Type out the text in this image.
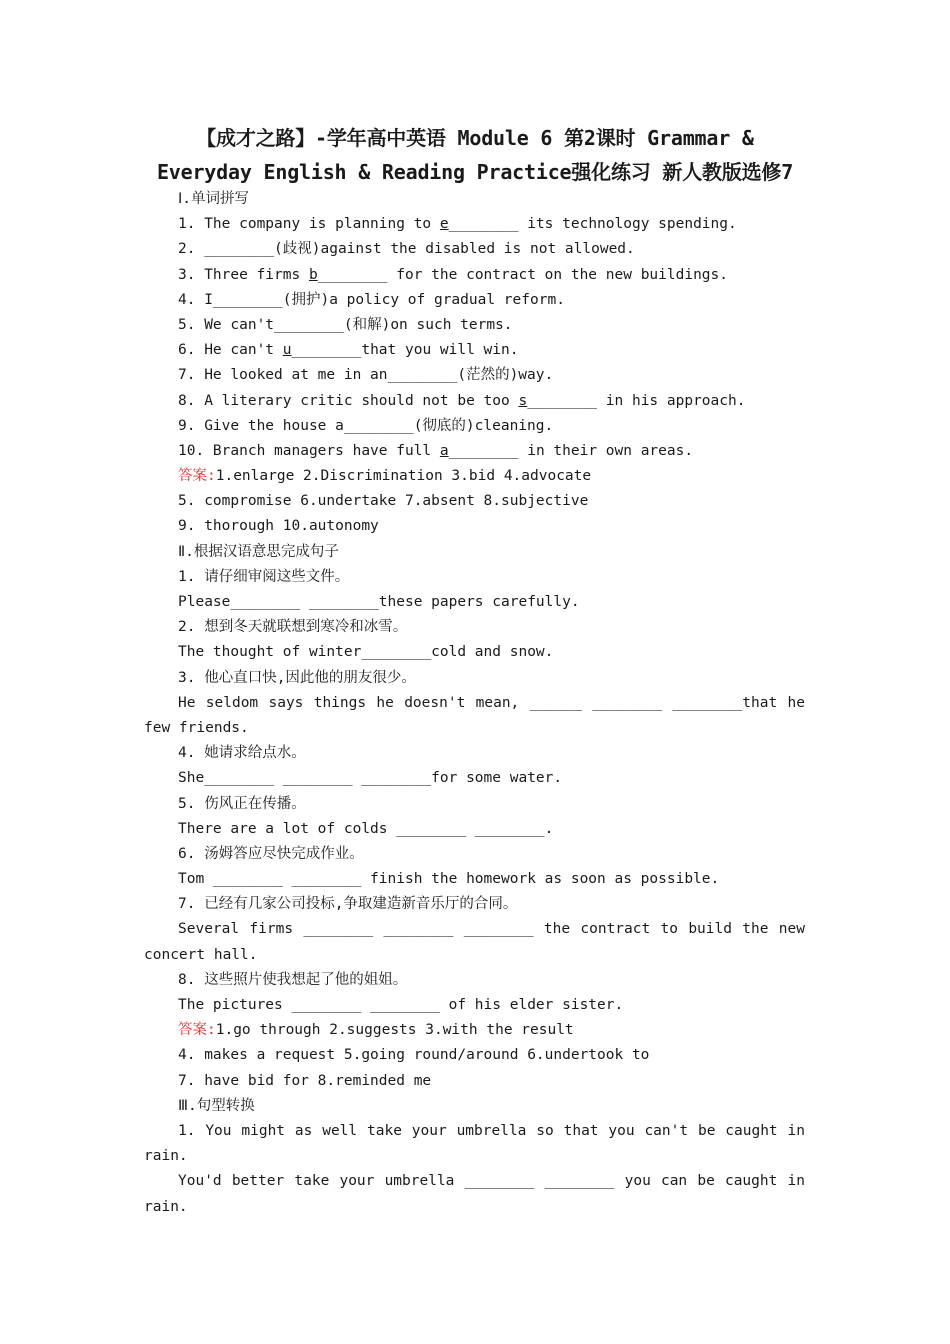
【成才之路】-学年高中英语 Module 6 第2课时 Grammar &
Everyday English & Reading Practice强化练习 新人教版选修7
Ⅰ.单词拼写
1. The company is planning to e________ its technology spending.
2. ________(歧视)against the disabled is not allowed.
3. Three firms b________ for the contract on the new buildings.
4. I________(拥护)a policy of gradual reform.
5. We can't________(和解)on such terms.
6. He can't u________that you will win.
7. He looked at me in an________(茫然的)way.
8. A literary critic should not be too s________ in his approach.
9. Give the house a________(彻底的)cleaning.
10. Branch managers have full a________ in their own areas.
答案:1.enlarge 2.Discrimination 3.bid 4.advocate
5. compromise 6.undertake 7.absent 8.subjective
9. thorough 10.autonomy
Ⅱ.根据汉语意思完成句子
1. 请仔细审阅这些文件。
Please________ ________these papers carefully.
2. 想到冬天就联想到寒冷和冰雪。
The thought of winter________cold and snow.
3. 他心直口快,因此他的朋友很少。
He seldom says things he doesn't mean, ______ ________ ________that he
few friends.
4. 她请求给点水。
She________ ________ ________for some water.
5. 伤风正在传播。
There are a lot of colds ________ ________.
6. 汤姆答应尽快完成作业。
Tom ________ ________ finish the homework as soon as possible.
7. 已经有几家公司投标,争取建造新音乐厅的合同。
Several firms ________ ________ ________ the contract to build the new
concert hall.
8. 这些照片使我想起了他的姐姐。
The pictures ________ ________ of his elder sister.
答案:1.go through 2.suggests 3.with the result
4. makes a request 5.going round/around 6.undertook to
7. have bid for 8.reminded me
Ⅲ.句型转换
1. You might as well take your umbrella so that you can't be caught in
rain.
You'd better take your umbrella ________ ________ you can be caught in
rain.
